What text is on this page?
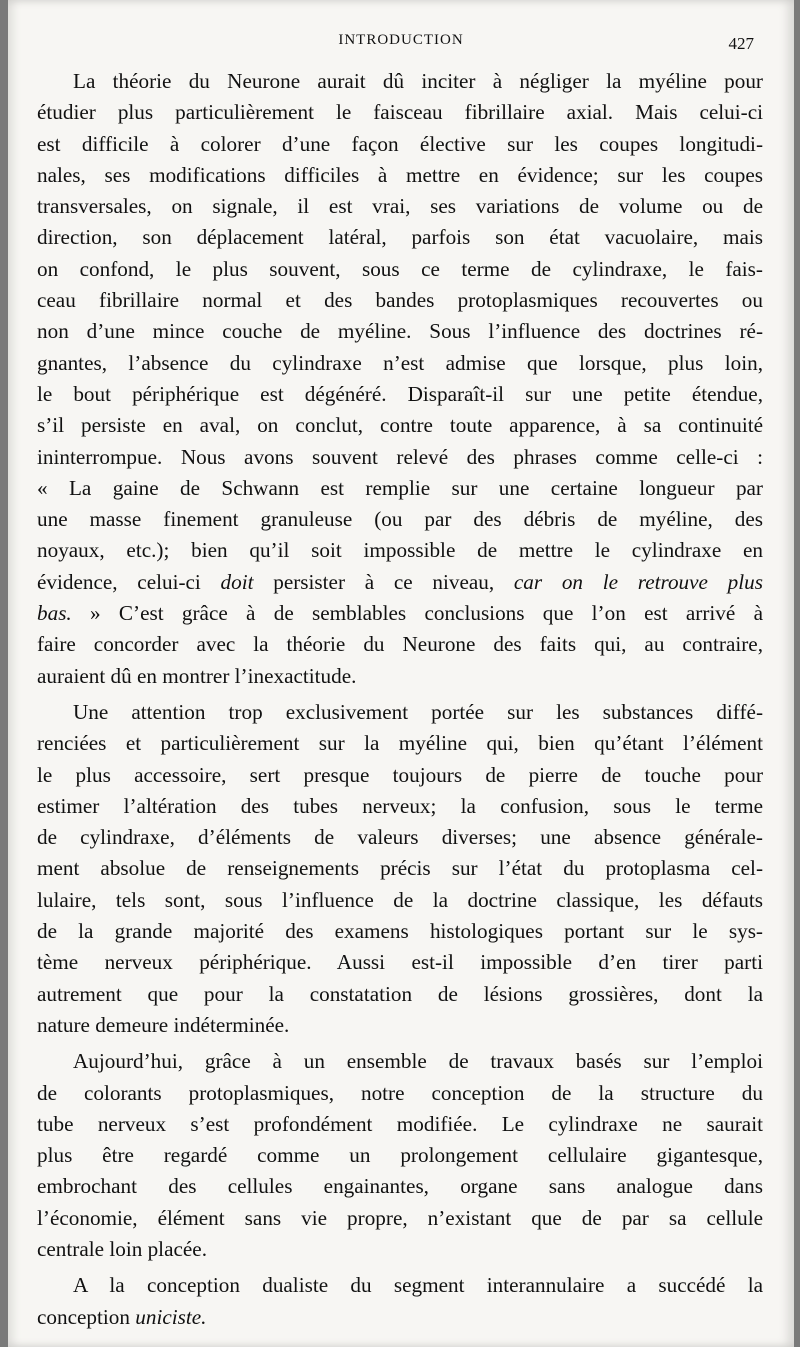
INTRODUCTION	427

La théorie du Neurone aurait dû inciter à négliger la myéline pour
étudier plus particulièrement le faisceau fibrillaire axial. Mais celui-ci
est difficile à colorer d’une façon élective sur les coupes longitudi-
nales, ses modifications difficiles à mettre en évidence; sur les coupes
transversales, on signale, il est vrai, ses variations de volume ou de
direction, son déplacement latéral, parfois son état vacuolaire, mais
on confond, le plus souvent, sous ce terme de cylindraxe, le fais-
ceau fibrillaire normal et des bandes protoplasmiques recouvertes ou
non d’une mince couche de myéline. Sous l’influence des doctrines ré-
gnantes, l’absence du cylindraxe n’est admise que lorsque, plus loin,
le bout périphérique est dégénéré. Disparaît-il sur une petite étendue,
s’il persiste en aval, on conclut, contre toute apparence, à sa continuité
ininterrompue. Nous avons souvent relevé des phrases comme celle-ci :
« La gaine de Schwann est remplie sur une certaine longueur par
une masse finement granuleuse (ou par des débris de myéline, des
noyaux, etc.); bien qu’il soit impossible de mettre le cylindraxe en
évidence, celui-ci doit persister à ce niveau, car on le retrouve plus
bas. » C’est grâce à de semblables conclusions que l’on est arrivé à
faire concorder avec la théorie du Neurone des faits qui, au contraire,
auraient dû en montrer l’inexactitude.

Une attention trop exclusivement portée sur les substances diffé-
renciées et particulièrement sur la myéline qui, bien qu’étant l’élément
le plus accessoire, sert presque toujours de pierre de touche pour
estimer l’altération des tubes nerveux; la confusion, sous le terme
de cylindraxe, d’éléments de valeurs diverses; une absence générale-
ment absolue de renseignements précis sur l’état du protoplasma cel-
lulaire, tels sont, sous l’influence de la doctrine classique, les défauts
de la grande majorité des examens histologiques portant sur le sys-
tème nerveux périphérique. Aussi est-il impossible d’en tirer parti
autrement que pour la constatation de lésions grossières, dont la
nature demeure indéterminée.

Aujourd’hui, grâce à un ensemble de travaux basés sur l’emploi
de colorants protoplasmiques, notre conception de la structure du
tube nerveux s’est profondément modifiée. Le cylindraxe ne saurait
plus être regardé comme un prolongement cellulaire gigantesque,
embrochant des cellules engainantes, organe sans analogue dans
l’économie, élément sans vie propre, n’existant que de par sa cellule
centrale loin placée.

A la conception dualiste du segment interannulaire a succédé la
conception uniciste.
